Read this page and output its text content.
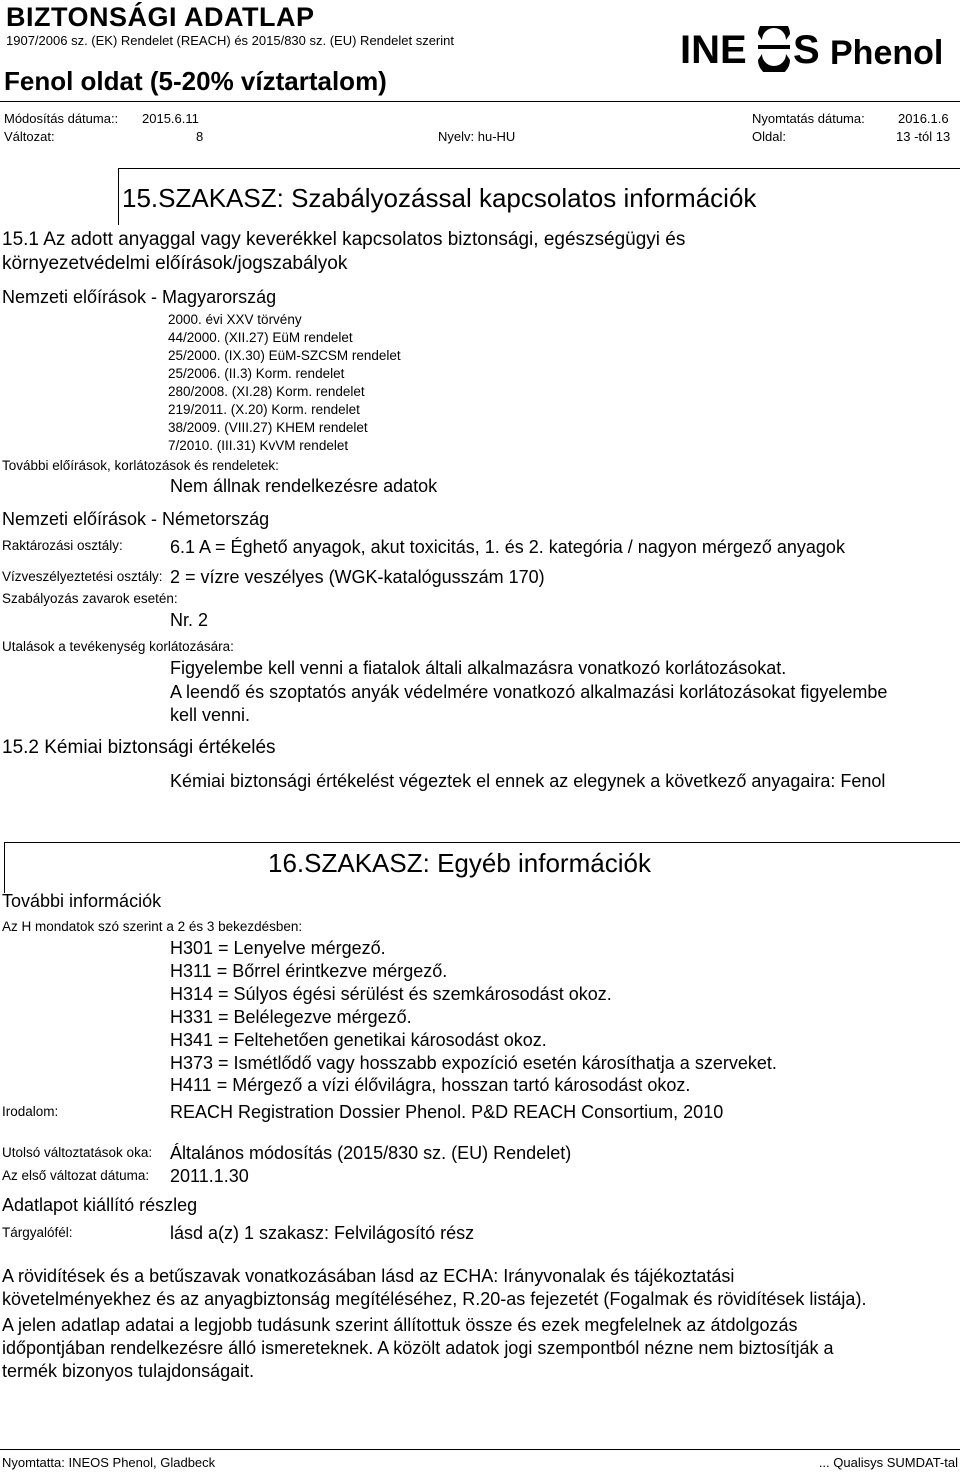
BIZTONSÁGI ADATLAP
1907/2006 sz. (EK) Rendelet (REACH) és 2015/830 sz. (EU) Rendelet szerint
Fenol oldat (5-20% víztartalom)
INE S Phenol
Módosítás dátuma:: 2015.6.11	Nyomtatás dátuma:	2016.1.6
Változat:	8	Nyelv: hu-HU	Oldal:	13 -tól 13
15.SZAKASZ: Szabályozással kapcsolatos információk
15.1 Az adott anyaggal vagy keverékkel kapcsolatos biztonsági, egészségügyi és
környezetvédelmi előírások/jogszabályok
Nemzeti előírások - Magyarország
2000. évi XXV törvény
44/2000. (XII.27) EüM rendelet
25/2000. (IX.30) EüM-SZCSM rendelet
25/2006. (II.3) Korm. rendelet
280/2008. (XI.28) Korm. rendelet
219/2011. (X.20) Korm. rendelet
38/2009. (VIII.27) KHEM rendelet
7/2010. (III.31) KvVM rendelet
További előírások, korlátozások és rendeletek:
Nem állnak rendelkezésre adatok
Nemzeti előírások - Németország
Raktározási osztály:	6.1 A = Éghető anyagok, akut toxicitás, 1. és 2. kategória / nagyon mérgező anyagok
Vízveszélyeztetési osztály: 2 = vízre veszélyes (WGK-katalógusszám 170)
Szabályozás zavarok esetén:
Nr. 2
Utalások a tevékenység korlátozására:
Figyelembe kell venni a fiatalok általi alkalmazásra vonatkozó korlátozásokat.
A leendő és szoptatós anyák védelmére vonatkozó alkalmazási korlátozásokat figyelembe
kell venni.
15.2 Kémiai biztonsági értékelés
Kémiai biztonsági értékelést végeztek el ennek az elegynek a következő anyagaira: Fenol
16.SZAKASZ: Egyéb információk
További információk
Az H mondatok szó szerint a 2 és 3 bekezdésben:
H301 = Lenyelve mérgező.
H311 = Bőrrel érintkezve mérgező.
H314 = Súlyos égési sérülést és szemkárosodást okoz.
H331 = Belélegezve mérgező.
H341 = Feltehetően genetikai károsodást okoz.
H373 = Ismétlődő vagy hosszabb expozíció esetén károsíthatja a szerveket.
H411 = Mérgező a vízi élővilágra, hosszan tartó károsodást okoz.
Irodalom:	REACH Registration Dossier Phenol. P&D REACH Consortium, 2010
Utolsó változtatások oka: Általános módosítás (2015/830 sz. (EU) Rendelet)
Az első változat dátuma: 2011.1.30
Adatlapot kiállító részleg
Tárgyalófél:	lásd a(z) 1 szakasz: Felvilágosító rész
A rövidítések és a betűszavak vonatkozásában lásd az ECHA: Irányvonalak és tájékoztatási
követelményekhez és az anyagbiztonság megítéléséhez, R.20-as fejezetét (Fogalmak és rövidítések listája).
A jelen adatlap adatai a legjobb tudásunk szerint állítottuk össze és ezek megfelelnek az átdolgozás
időpontjában rendelkezésre álló ismereteknek. A közölt adatok jogi szempontból nézne nem biztosítják a
termék bizonyos tulajdonságait.
Nyomtatta: INEOS Phenol, Gladbeck	... Qualisys SUMDAT-tal
